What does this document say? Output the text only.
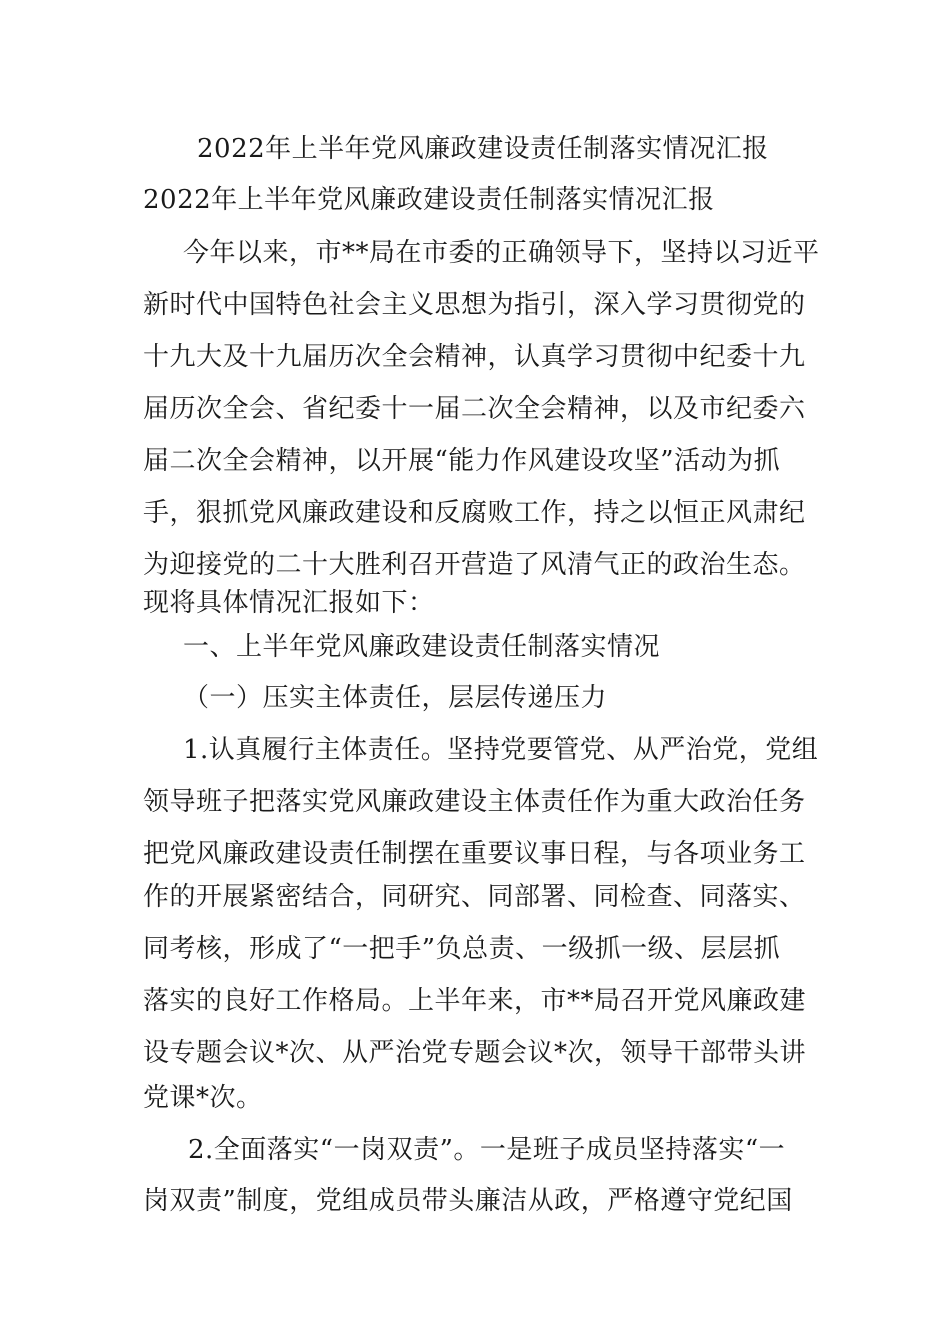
2022年上半年党风廉政建设责任制落实情况汇报
2022年上半年党风廉政建设责任制落实情况汇报
今年以来，市**局在市委的正确领导下，坚持以习近平
新时代中国特色社会主义思想为指引，深入学习贯彻党的
十九大及十九届历次全会精神，认真学习贯彻中纪委十九
届历次全会、省纪委十一届二次全会精神，以及市纪委六
届二次全会精神，以开展“能力作风建设攻坚”活动为抓
手，狠抓党风廉政建设和反腐败工作，持之以恒正风肃纪
为迎接党的二十大胜利召开营造了风清气正的政治生态。
现将具体情况汇报如下：
一、上半年党风廉政建设责任制落实情况
（一）压实主体责任，层层传递压力
1.认真履行主体责任。坚持党要管党、从严治党，党组
领导班子把落实党风廉政建设主体责任作为重大政治任务
把党风廉政建设责任制摆在重要议事日程，与各项业务工
作的开展紧密结合，同研究、同部署、同检查、同落实、
同考核，形成了“一把手”负总责、一级抓一级、层层抓
落实的良好工作格局。上半年来，市**局召开党风廉政建
设专题会议*次、从严治党专题会议*次，领导干部带头讲
党课*次。
2.全面落实“一岗双责”。一是班子成员坚持落实“一
岗双责”制度，党组成员带头廉洁从政，严格遵守党纪国
